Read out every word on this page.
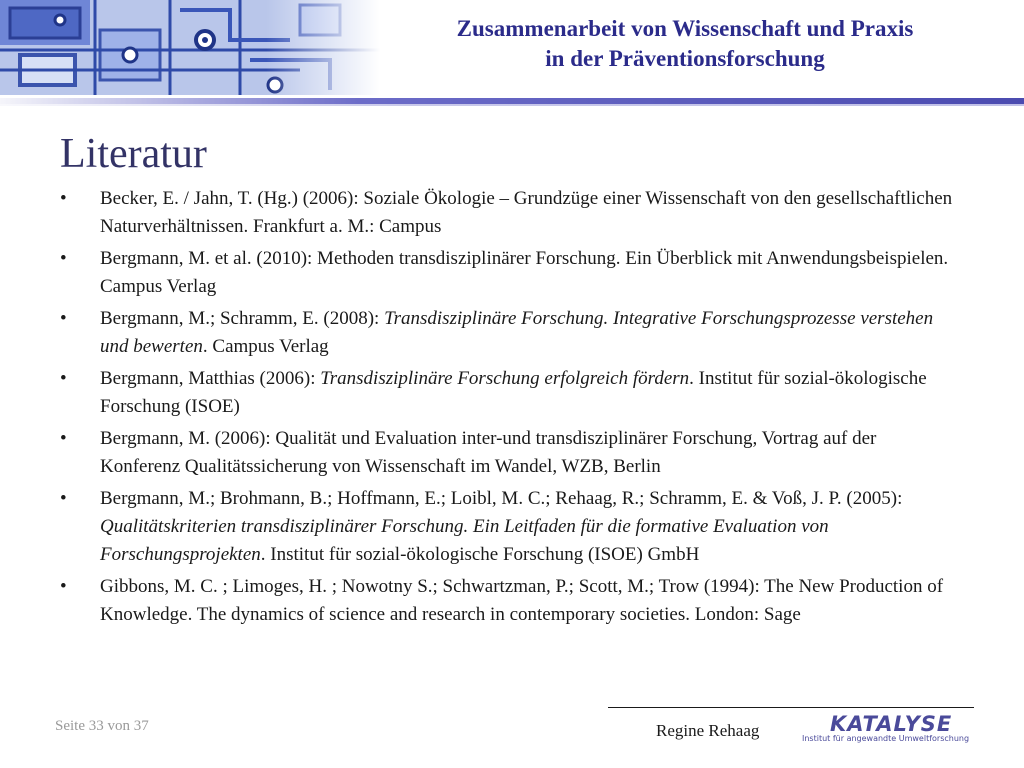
Zusammenarbeit von Wissenschaft und Praxis
in der Präventionsforschung
Literatur
•	Becker, E. / Jahn, T. (Hg.) (2006): Soziale Ökologie – Grundzüge einer Wissenschaft von den gesellschaftlichen Naturverhältnissen. Frankfurt a. M.: Campus
•	Bergmann, M. et al. (2010): Methoden transdisziplinärer Forschung. Ein Überblick mit Anwendungsbeispielen. Campus Verlag
•	Bergmann, M.; Schramm, E. (2008): Transdisziplinäre Forschung. Integrative Forschungsprozesse verstehen und bewerten. Campus Verlag
•	Bergmann, Matthias (2006): Transdisziplinäre Forschung erfolgreich fördern. Institut für sozial-ökologische Forschung (ISOE)
•	Bergmann, M. (2006): Qualität und Evaluation inter-und transdisziplinärer Forschung, Vortrag auf der Konferenz Qualitätssicherung von Wissenschaft im Wandel, WZB, Berlin
•	Bergmann, M.; Brohmann, B.; Hoffmann, E.; Loibl, M. C.; Rehaag, R.; Schramm, E. & Voß, J. P. (2005): Qualitätskriterien transdisziplinärer Forschung. Ein Leitfaden für die formative Evaluation von Forschungsprojekten. Institut für sozial-ökologische Forschung (ISOE) GmbH
•	Gibbons, M. C. ; Limoges, H. ; Nowotny S.; Schwartzman, P.; Scott, M.; Trow (1994): The New Production of Knowledge. The dynamics of science and research in contemporary societies. London: Sage
Seite 33 von 37	Regine Rehaag	KATALYSE
Institut für angewandte Umweltforschung
